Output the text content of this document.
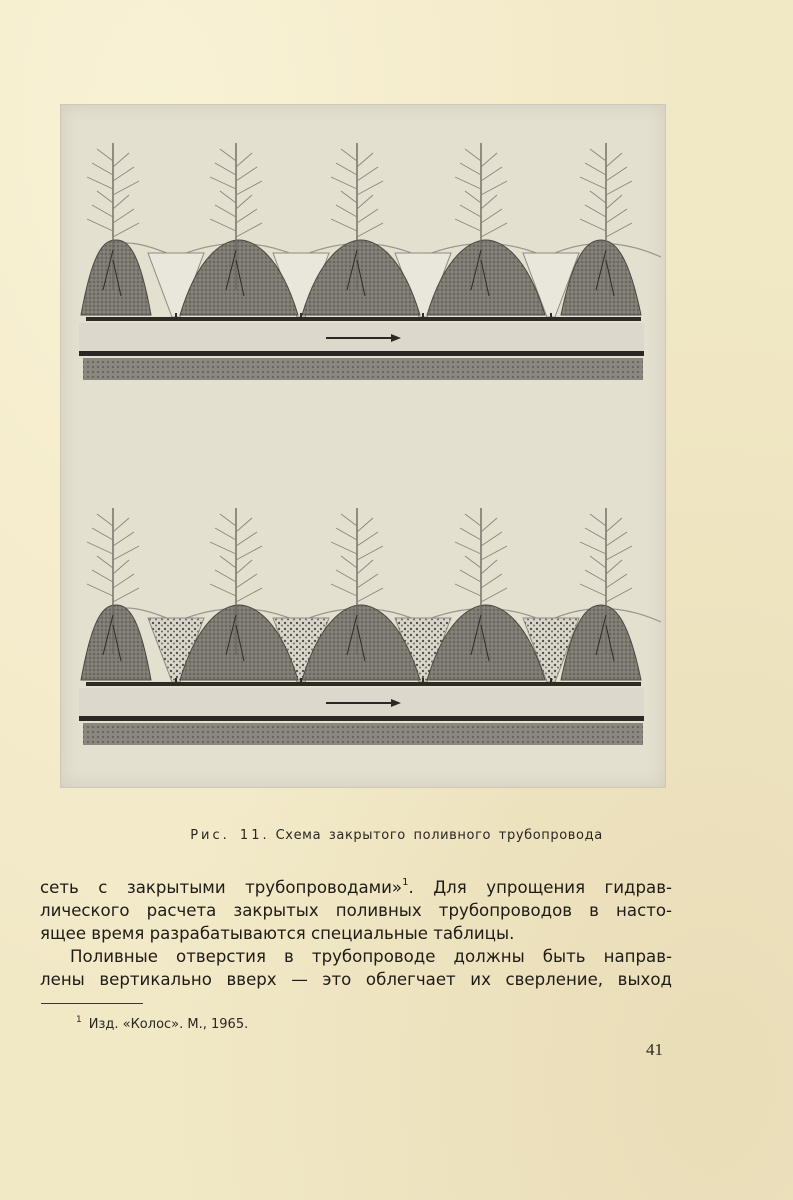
Рис. 11. Схема закрытого поливного трубопровода
сеть с закрытыми трубопроводами»$^1$. Для упрощения гидрав-
лического расчета закрытых поливных трубопроводов в насто-
ящее время разрабатываются специальные таблицы.
Поливные отверстия в трубопроводе должны быть направ-
лены вертикально вверх — это облегчает их сверление, выход
$^1$ Изд. «Колос». М., 1965.
41
